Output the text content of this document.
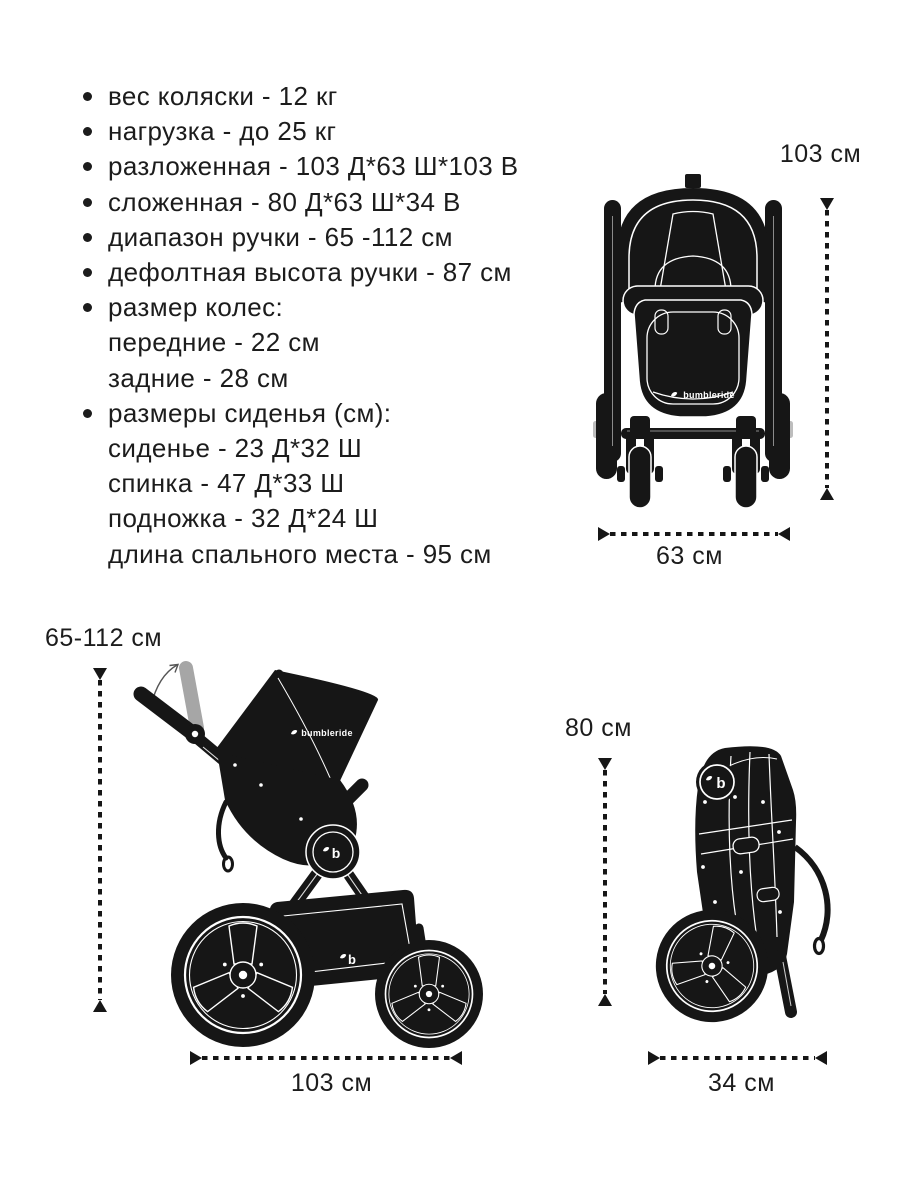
вес коляски - 12 кг
нагрузка - до 25 кг
разложенная - 103 Д*63 Ш*103 В
сложенная - 80 Д*63 Ш*34 В
диапазон ручки - 65 -112 см
дефолтная высота ручки - 87 см
размер колес:
передние - 22 см
задние - 28 см
размеры сиденья (см):
сиденье - 23 Д*32 Ш
спинка - 47 Д*33 Ш
подножка - 32 Д*24 Ш
длина спального места - 95 см
bumbleride
103 см
63 см
bumbleride
b
b
65-112 см
103 см
b
80 см
34 см
